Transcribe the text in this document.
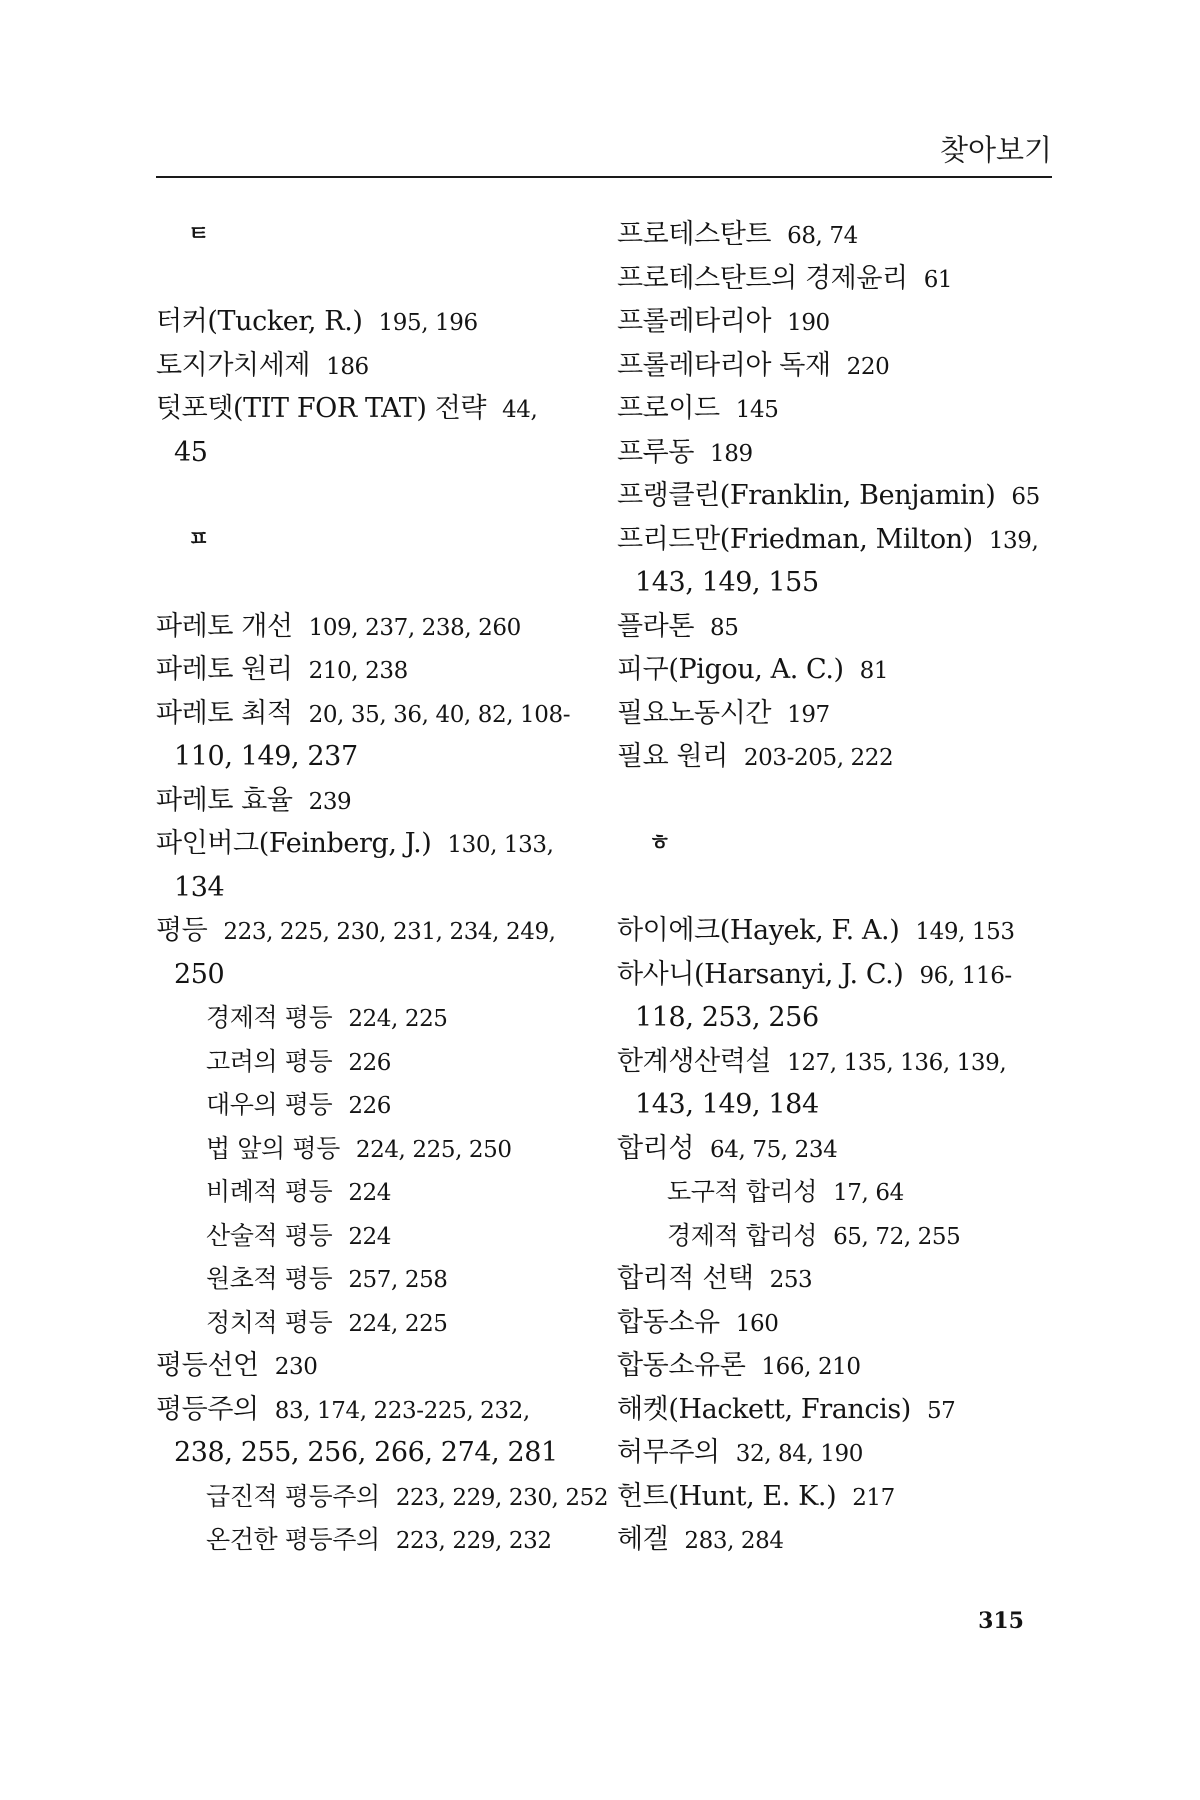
찾아보기
ㅌ
터커(Tucker, R.) 195, 196
토지가치세제 186
텃포텟(TIT FOR TAT) 전략 44,
45
ㅍ
파레토 개선 109, 237, 238, 260
파레토 원리 210, 238
파레토 최적 20, 35, 36, 40, 82, 108-
110, 149, 237
파레토 효율 239
파인버그(Feinberg, J.) 130, 133,
134
평등 223, 225, 230, 231, 234, 249,
250
경제적 평등 224, 225
고려의 평등 226
대우의 평등 226
법 앞의 평등 224, 225, 250
비례적 평등 224
산술적 평등 224
원초적 평등 257, 258
정치적 평등 224, 225
평등선언 230
평등주의 83, 174, 223-225, 232,
238, 255, 256, 266, 274, 281
급진적 평등주의 223, 229, 230, 252
온건한 평등주의 223, 229, 232
프로테스탄트 68, 74
프로테스탄트의 경제윤리 61
프롤레타리아 190
프롤레타리아 독재 220
프로이드 145
프루동 189
프랭클린(Franklin, Benjamin) 65
프리드만(Friedman, Milton) 139,
143, 149, 155
플라톤 85
피구(Pigou, A. C.) 81
필요노동시간 197
필요 원리 203-205, 222
ㅎ
하이에크(Hayek, F. A.) 149, 153
하사니(Harsanyi, J. C.) 96, 116-
118, 253, 256
한계생산력설 127, 135, 136, 139,
143, 149, 184
합리성 64, 75, 234
도구적 합리성 17, 64
경제적 합리성 65, 72, 255
합리적 선택 253
합동소유 160
합동소유론 166, 210
해켓(Hackett, Francis) 57
허무주의 32, 84, 190
헌트(Hunt, E. K.) 217
헤겔 283, 284
315
